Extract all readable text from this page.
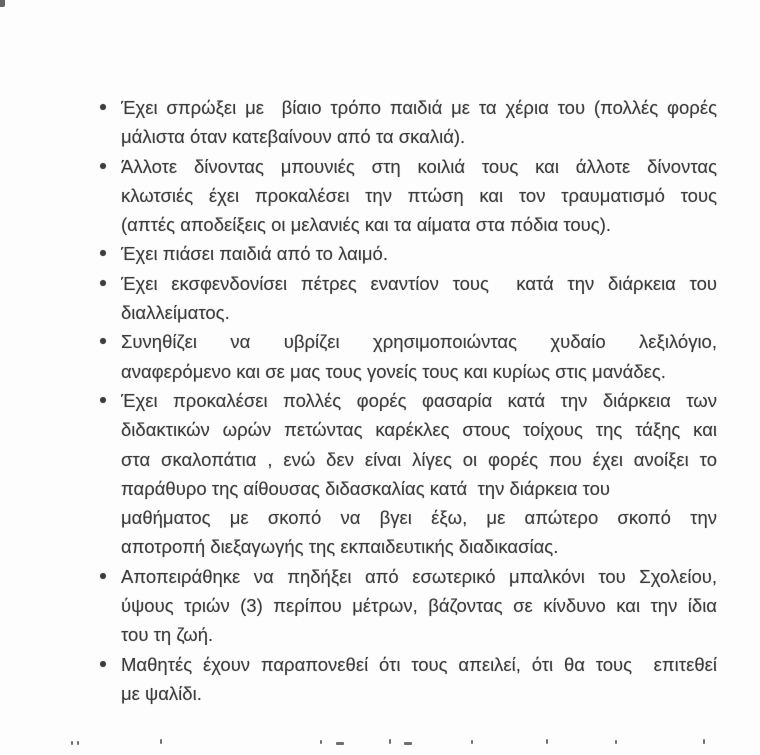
Έχει σπρώξει με  βίαιο τρόπο παιδιά με τα χέρια του (πολλές φορές
μάλιστα όταν κατεβαίνουν από τα σκαλιά).
Άλλοτε δίνοντας μπουνιές στη κοιλιά τους και άλλοτε δίνοντας
κλωτσιές έχει προκαλέσει την πτώση και τον τραυματισμό τους
(απτές αποδείξεις οι μελανιές και τα αίματα στα πόδια τους).
Έχει πιάσει παιδιά από το λαιμό.
Έχει εκσφενδονίσει πέτρες εναντίον τους  κατά την διάρκεια του
διαλλείματος.
Συνηθίζει να υβρίζει χρησιμοποιώντας χυδαίο λεξιλόγιο,
αναφερόμενο και σε μας τους γονείς τους και κυρίως στις μανάδες.
Έχει προκαλέσει πολλές φορές φασαρία κατά την διάρκεια των
διδακτικών ωρών πετώντας καρέκλες στους τοίχους της τάξης και
στα σκαλοπάτια , ενώ δεν είναι λίγες οι φορές που έχει ανοίξει το
παράθυρο της αίθουσας διδασκαλίας κατά  την διάρκεια του
μαθήματος με σκοπό να βγει έξω, με απώτερο σκοπό την
αποτροπή διεξαγωγής της εκπαιδευτικής διαδικασίας.
Αποπειράθηκε να πηδήξει από εσωτερικό μπαλκόνι του Σχολείου,
ύψους τριών (3) περίπου μέτρων, βάζοντας σε κίνδυνο και την ίδια
του τη ζωή.
Μαθητές έχουν παραπονεθεί ότι τους απειλεί, ότι θα τους  επιτεθεί
με ψαλίδι.
